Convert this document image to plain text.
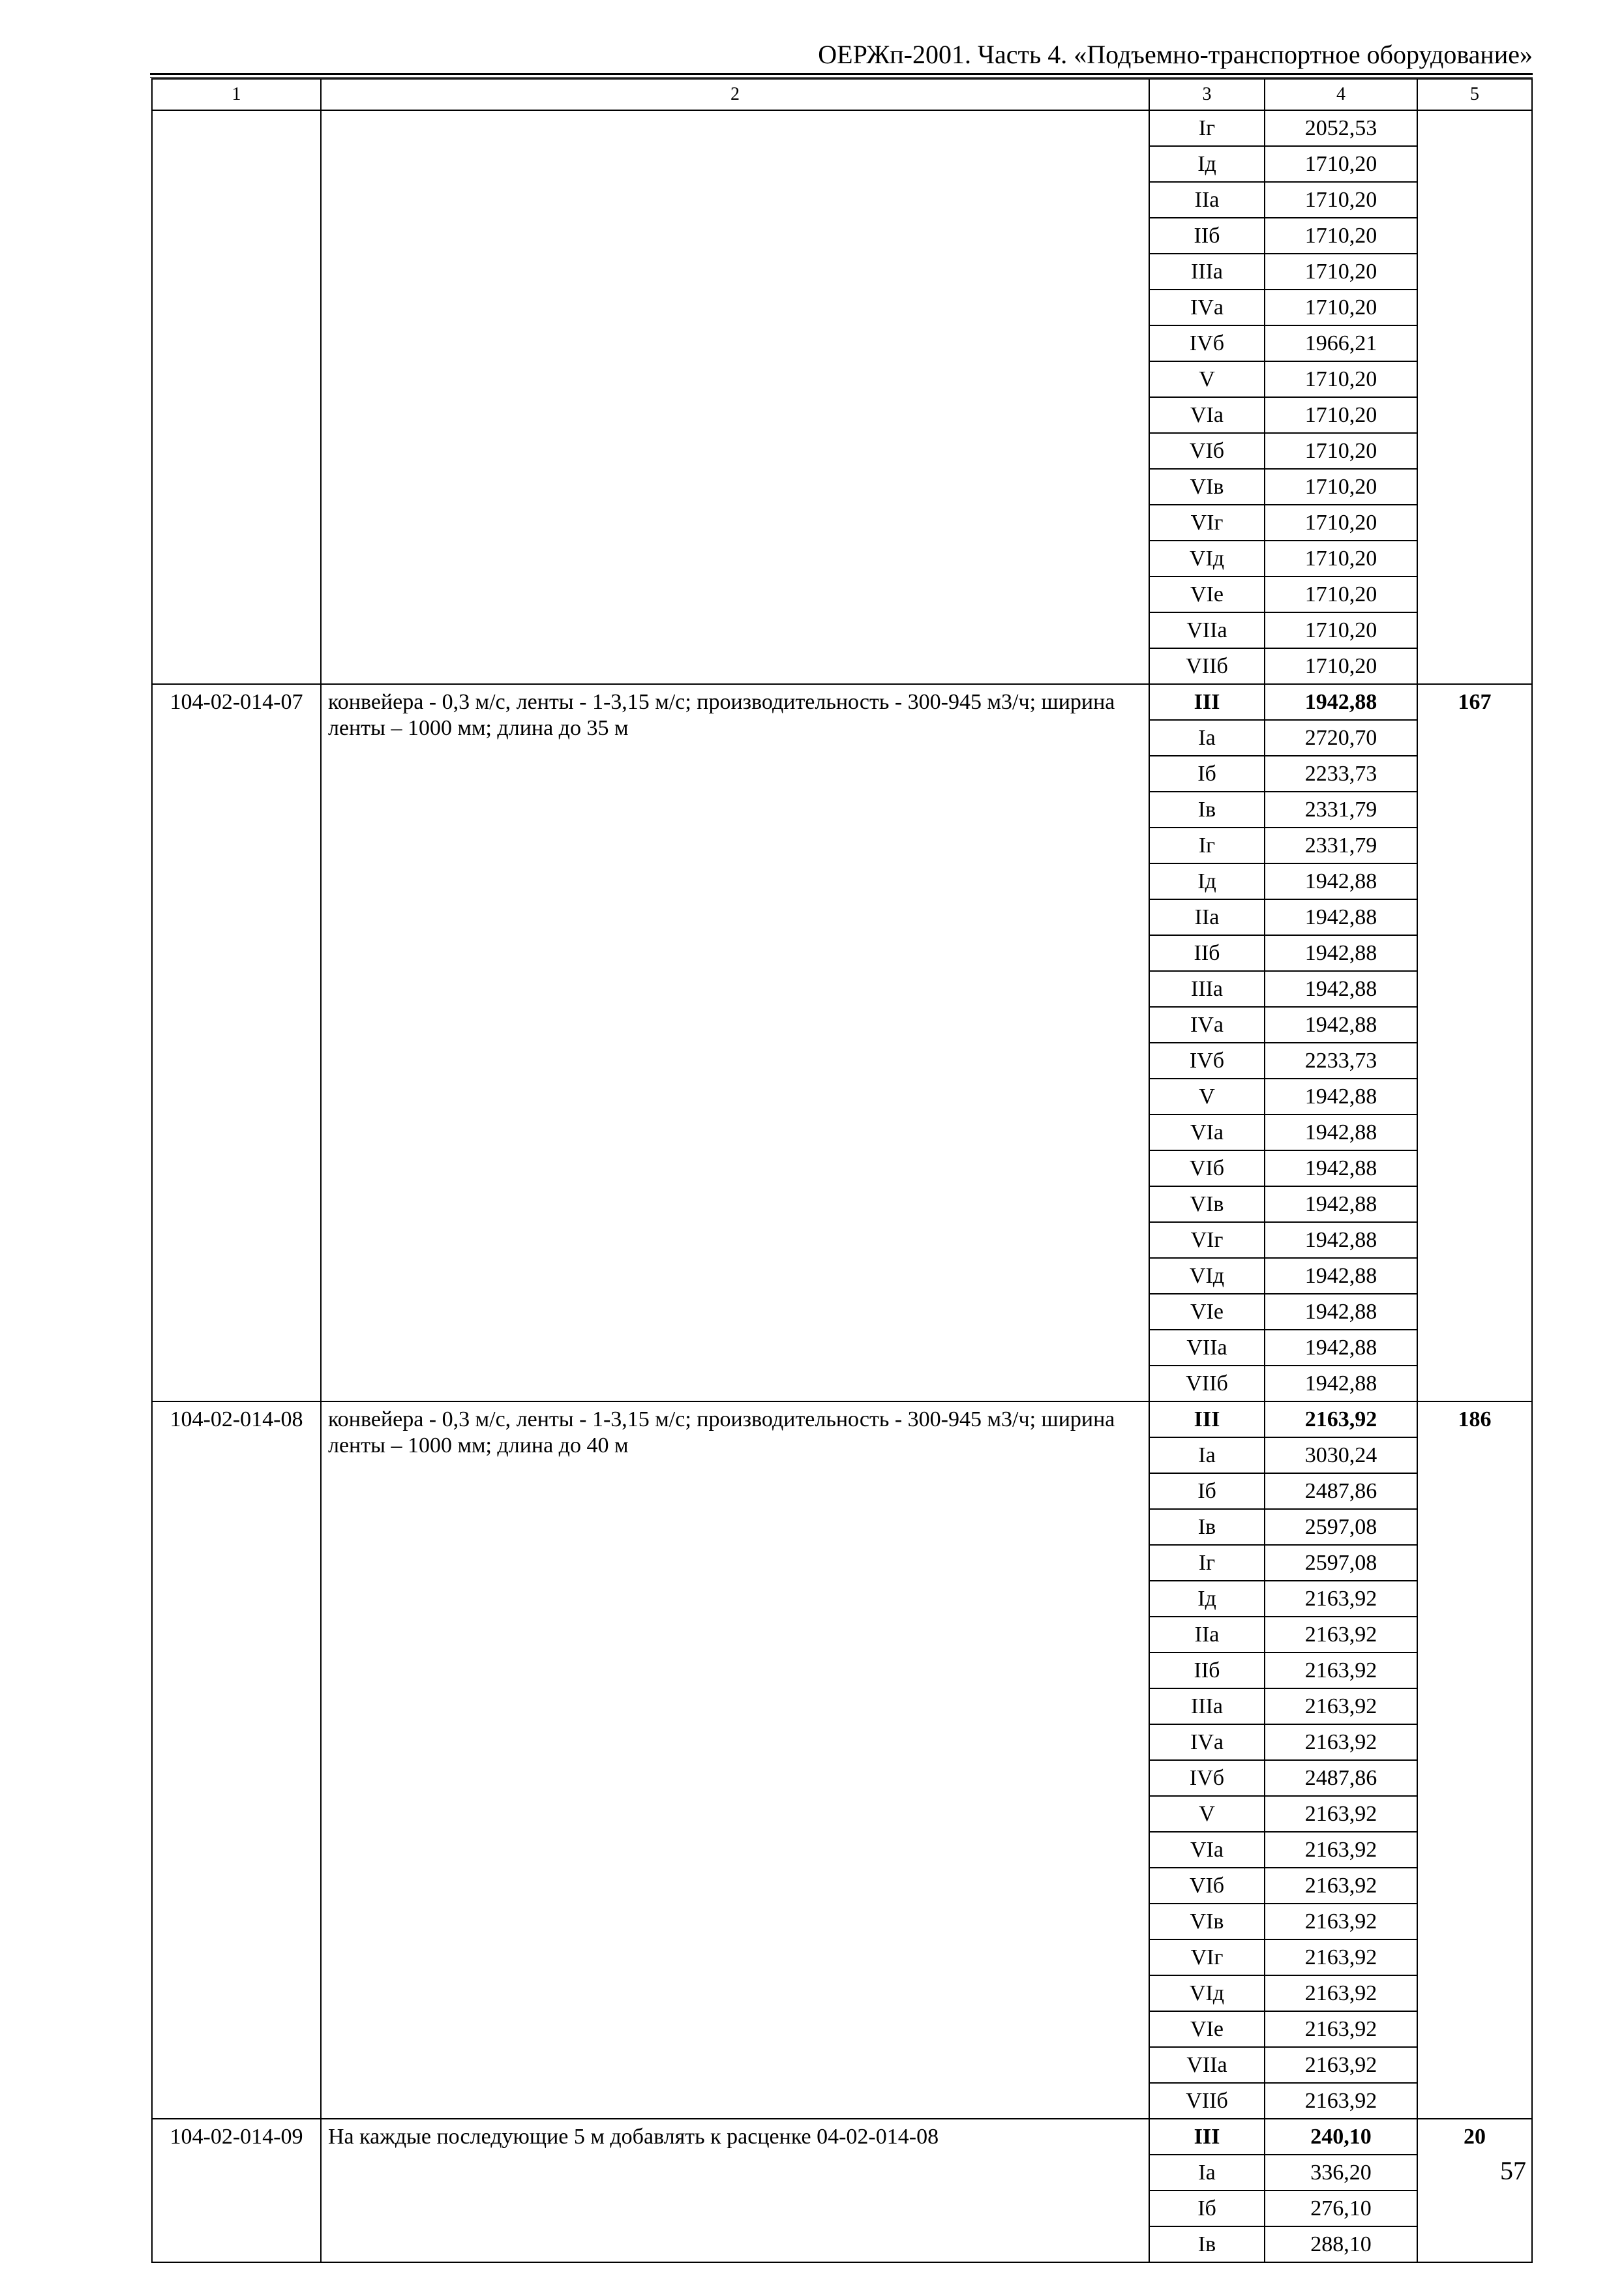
ОЕРЖп-2001. Часть 4. «Подъемно-транспортное оборудование»
1	2	3	4	5
		Iг	2052,53	
		Iд	1710,20	
		IIа	1710,20	
		IIб	1710,20	
		IIIа	1710,20	
		IVа	1710,20	
		IVб	1966,21	
		V	1710,20	
		VIа	1710,20	
		VIб	1710,20	
		VIв	1710,20	
		VIг	1710,20	
		VIд	1710,20	
		VIе	1710,20	
		VIIа	1710,20	
		VIIб	1710,20	
104-02-014-07	конвейера - 0,3 м/с, ленты - 1-3,15 м/с; производительность - 300-945 м3/ч; ширина ленты – 1000 мм; длина до 35 м	III	1942,88	167
		Iа	2720,70	
		Iб	2233,73	
		Iв	2331,79	
		Iг	2331,79	
		Iд	1942,88	
		IIа	1942,88	
		IIб	1942,88	
		IIIа	1942,88	
		IVа	1942,88	
		IVб	2233,73	
		V	1942,88	
		VIа	1942,88	
		VIб	1942,88	
		VIв	1942,88	
		VIг	1942,88	
		VIд	1942,88	
		VIе	1942,88	
		VIIа	1942,88	
		VIIб	1942,88	
104-02-014-08	конвейера - 0,3 м/с, ленты - 1-3,15 м/с; производительность - 300-945 м3/ч; ширина ленты – 1000 мм; длина до 40 м	III	2163,92	186
		Iа	3030,24	
		Iб	2487,86	
		Iв	2597,08	
		Iг	2597,08	
		Iд	2163,92	
		IIа	2163,92	
		IIб	2163,92	
		IIIа	2163,92	
		IVа	2163,92	
		IVб	2487,86	
		V	2163,92	
		VIа	2163,92	
		VIб	2163,92	
		VIв	2163,92	
		VIг	2163,92	
		VIд	2163,92	
		VIе	2163,92	
		VIIа	2163,92	
		VIIб	2163,92	
104-02-014-09	На каждые последующие 5 м добавлять к расценке 04-02-014-08	III	240,10	20
		Iа	336,20	
		Iб	276,10	
		Iв	288,10	
57
